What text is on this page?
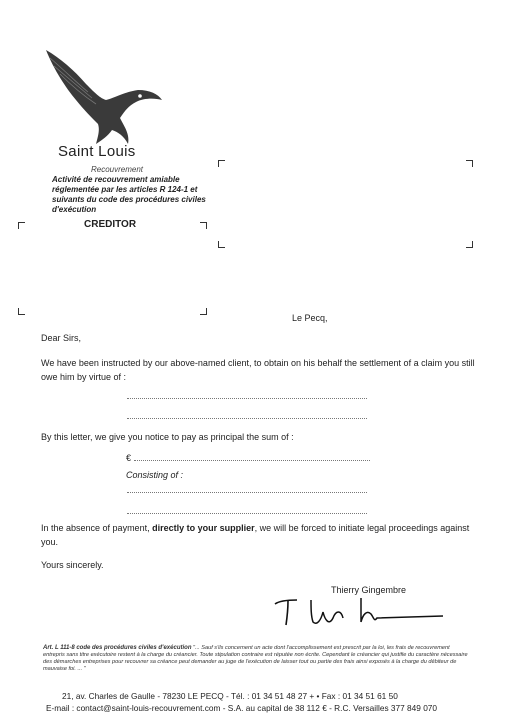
Saint Louis
Recouvrement
Activité de recouvrement amiable réglementée par les articles R 124-1 et suivants du code des procédures civiles d'exécution
CREDITOR
Le Pecq,
Dear Sirs,
We have been instructed by our above-named client, to obtain on his behalf the settlement of a claim you still owe him by virtue of :
By this letter, we give you notice to pay as principal the sum of :
€
Consisting of :
In the absence of payment, directly to your supplier, we will be forced to initiate legal proceedings against you.
Yours sincerely.
Thierry Gingembre
Art. L 111-8 code des procédures civiles d'exécution "... Sauf s'ils concernent un acte dont l'accomplissement est prescrit par la loi, les frais de recouvrement entrepris sans titre exécutoire restent à la charge du créancier. Toute stipulation contraire est réputée non écrite. Cependant le créancier qui justifie du caractère nécessaire des démarches entreprises pour recouvrer sa créance peut demander au juge de l'exécution de laisser tout ou partie des frais ainsi exposés à la charge du débiteur de mauvaise foi. ... "
21, av. Charles de Gaulle - 78230 LE PECQ - Tél. : 01 34 51 48 27 + • Fax : 01 34 51 61 50
E-mail : contact@saint-louis-recouvrement.com - S.A. au capital de 38 112 € - R.C. Versailles 377 849 070
